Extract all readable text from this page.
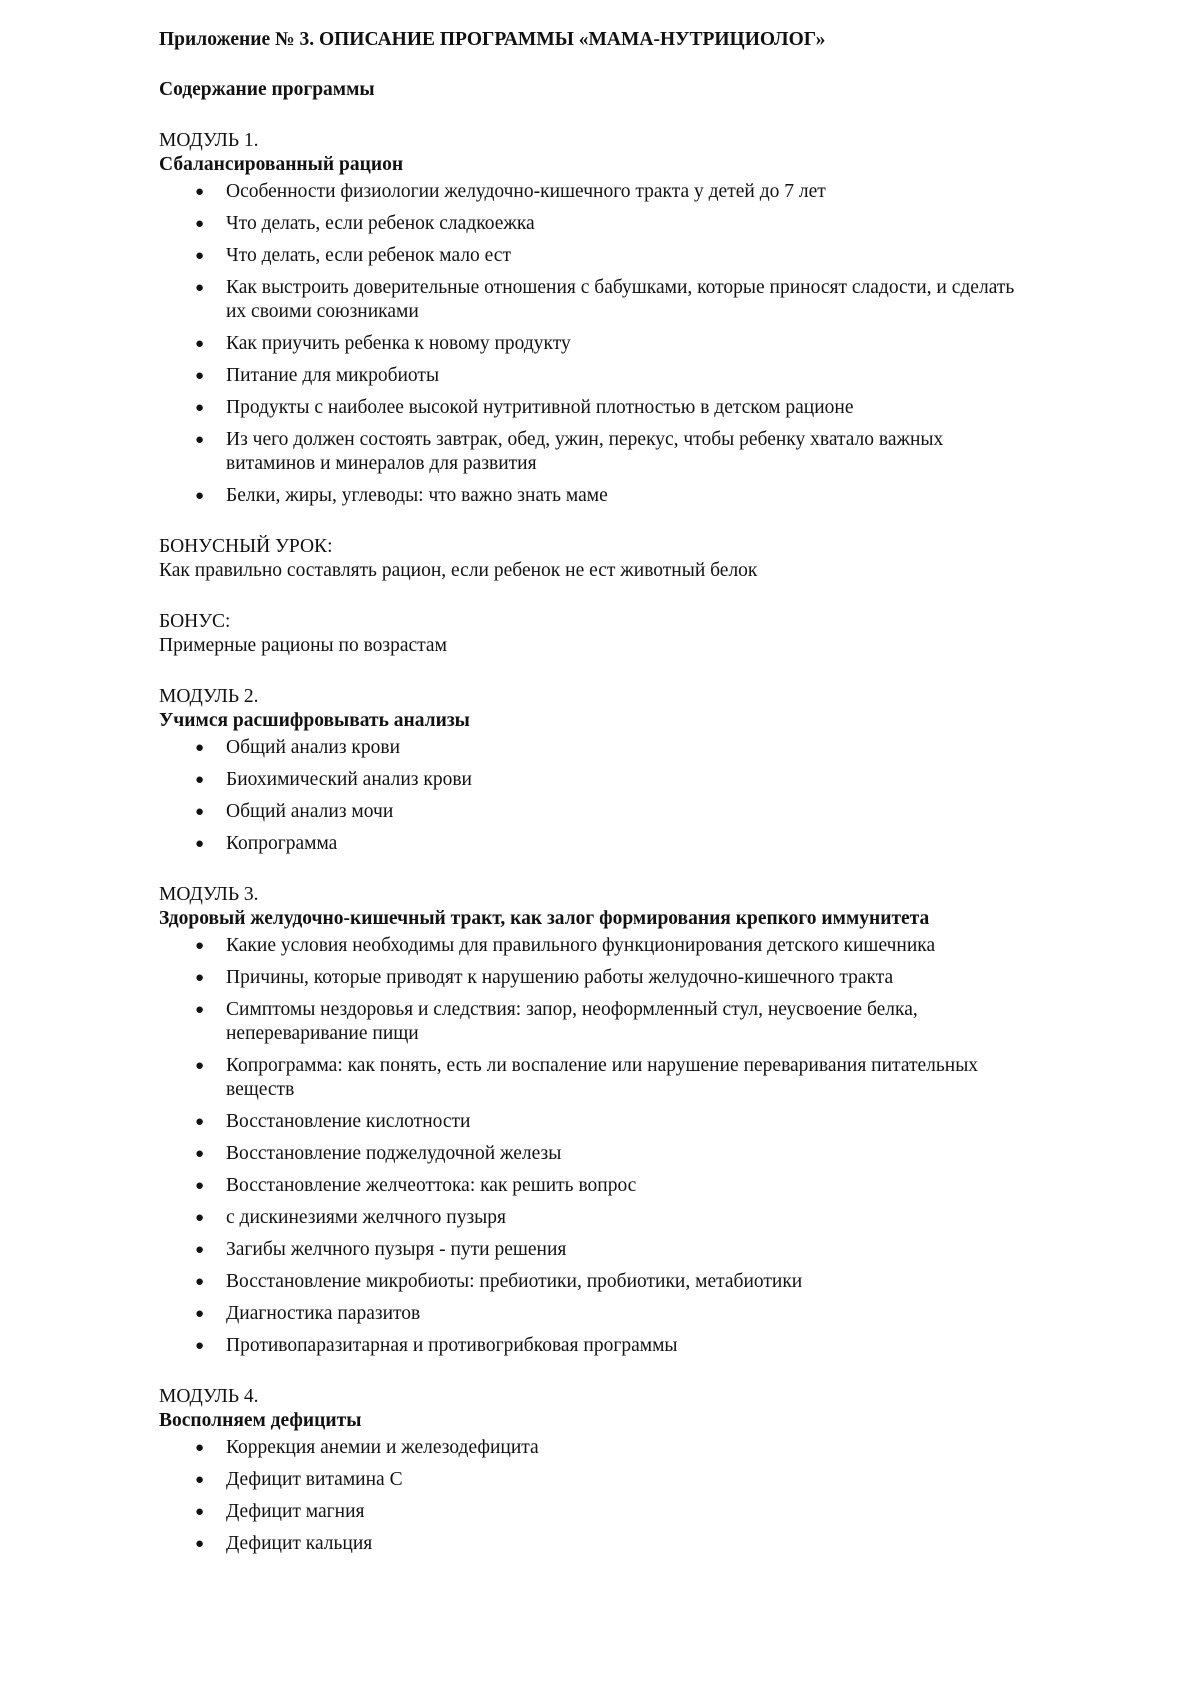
Приложение № 3. ОПИСАНИЕ ПРОГРАММЫ «МАМА-НУТРИЦИОЛОГ»

Содержание программы

МОДУЛЬ 1.

Сбалансированный рацион

● Особенности физиологии желудочно-кишечного тракта у детей до 7 лет
● Что делать, если ребенок сладкоежка
● Что делать, если ребенок мало ест
● Как выстроить доверительные отношения с бабушками, которые приносят сладости, и сделать их своими союзниками
● Как приучить ребенка к новому продукту
● Питание для микробиоты
● Продукты с наиболее высокой нутритивной плотностью в детском рационе
● Из чего должен состоять завтрак, обед, ужин, перекус, чтобы ребенку хватало важных витаминов и минералов для развития
● Белки, жиры, углеводы: что важно знать маме

БОНУСНЫЙ УРОК:

Как правильно составлять рацион, если ребенок не ест животный белок

БОНУС:

Примерные рационы по возрастам

МОДУЛЬ 2.

Учимся расшифровывать анализы

● Общий анализ крови
● Биохимический анализ крови
● Общий анализ мочи
● Копрограмма

МОДУЛЬ 3.

Здоровый желудочно-кишечный тракт, как залог формирования крепкого иммунитета

● Какие условия необходимы для правильного функционирования детского кишечника
● Причины, которые приводят к нарушению работы желудочно-кишечного тракта
● Симптомы нездоровья и следствия: запор, неоформленный стул, неусвоение белка, непереваривание пищи
● Копрограмма: как понять, есть ли воспаление или нарушение переваривания питательных веществ
● Восстановление кислотности
● Восстановление поджелудочной железы
● Восстановление желчеоттока: как решить вопрос
● с дискинезиями желчного пузыря
● Загибы желчного пузыря - пути решения
● Восстановление микробиоты: пребиотики, пробиотики, метабиотики
● Диагностика паразитов
● Противопаразитарная и противогрибковая программы

МОДУЛЬ 4.

Восполняем дефициты

● Коррекция анемии и железодефицита
● Дефицит витамина С
● Дефицит магния
● Дефицит кальция
